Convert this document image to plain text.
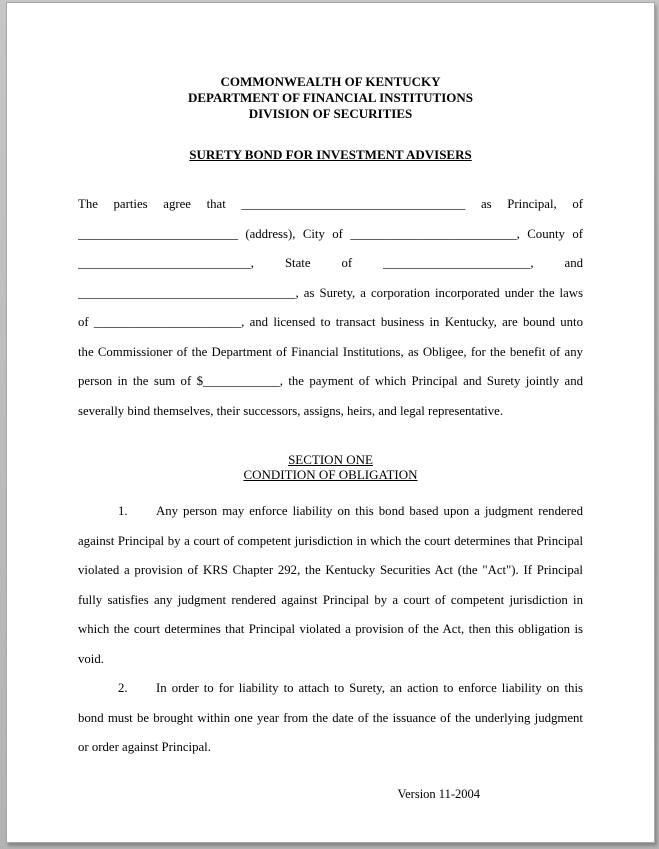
COMMONWEALTH OF KENTUCKY
DEPARTMENT OF FINANCIAL INSTITUTIONS
DIVISION OF SECURITIES
SURETY BOND FOR INVESTMENT ADVISERS
The parties agree that ___________________________________ as Principal, of
_________________________ (address), City of __________________________, County of
___________________________, State of _______________________, and
__________________________________, as Surety, a corporation incorporated under the laws
of _______________________, and licensed to transact business in Kentucky, are bound unto
the Commissioner of the Department of Financial Institutions, as Obligee, for the benefit of any
person in the sum of $____________, the payment of which Principal and Surety jointly and
severally bind themselves, their successors, assigns, heirs, and legal representative.
SECTION ONE
CONDITION OF OBLIGATION
1. Any person may enforce liability on this bond based upon a judgment rendered
against Principal by a court of competent jurisdiction in which the court determines that Principal
violated a provision of KRS Chapter 292, the Kentucky Securities Act (the "Act"). If Principal
fully satisfies any judgment rendered against Principal by a court of competent jurisdiction in
which the court determines that Principal violated a provision of the Act, then this obligation is
void.
2. In order to for liability to attach to Surety, an action to enforce liability on this
bond must be brought within one year from the date of the issuance of the underlying judgment
or order against Principal.
Version 11-2004
